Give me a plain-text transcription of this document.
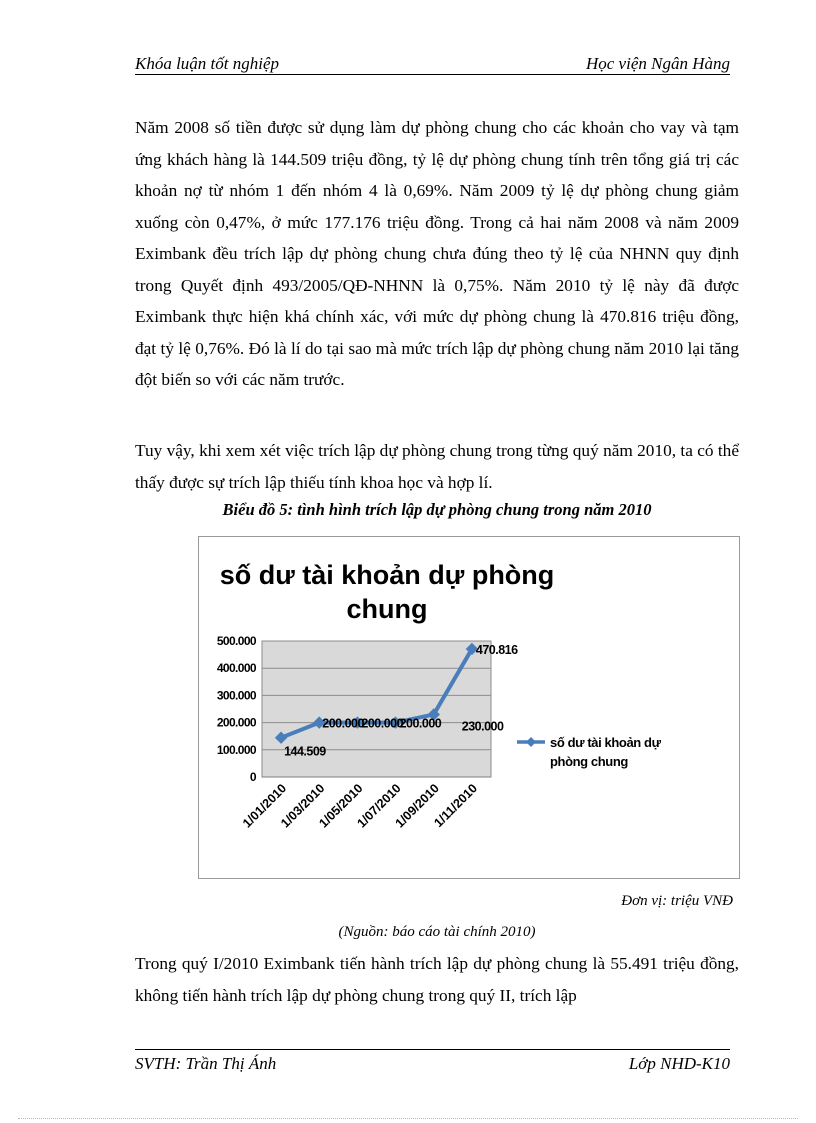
Khóa luận tốt nghiệp	Học viện Ngân Hàng
Năm 2008 số tiền được sử dụng làm dự phòng chung cho các khoản cho vay và tạm ứng khách hàng là 144.509 triệu đồng, tỷ lệ dự phòng chung tính trên tổng giá trị các khoản nợ từ nhóm 1 đến nhóm 4 là 0,69%. Năm 2009 tỷ lệ dự phòng chung giảm xuống còn 0,47%, ở mức 177.176 triệu đồng. Trong cả hai năm 2008 và năm 2009 Eximbank đều trích lập dự phòng chung chưa đúng theo tỷ lệ của NHNN quy định trong Quyết định 493/2005/QĐ-NHNN là 0,75%. Năm 2010 tỷ lệ này đã được Eximbank thực hiện khá chính xác, với mức dự phòng chung là 470.816 triệu đồng, đạt tỷ lệ 0,76%. Đó là lí do tại sao mà mức trích lập dự phòng chung năm 2010 lại tăng đột biến so với các năm trước.
Tuy vậy, khi xem xét việc trích lập dự phòng chung trong từng quý năm 2010, ta có thể thấy được sự trích lập thiếu tính khoa học và hợp lí.
Biểu đồ 5: tình hình trích lập dự phòng chung trong năm 2010
số dư tài khoản dự phòng
chung
0
100.000
200.000
300.000
400.000
500.000
1/01/2010
1/03/2010
1/05/2010
1/07/2010
1/09/2010
1/11/2010
144.509
200.000
200.000
200.000 230.000
470.816
số dư tài khoản dự
phòng chung
Đơn vị: triệu VNĐ
(Nguồn: báo cáo tài chính 2010)
Trong quý I/2010 Eximbank tiến hành trích lập dự phòng chung là 55.491 triệu đồng, không tiến hành trích lập dự phòng chung trong quý II, trích lập
SVTH: Trần Thị Ánh	Lớp NHD-K10
